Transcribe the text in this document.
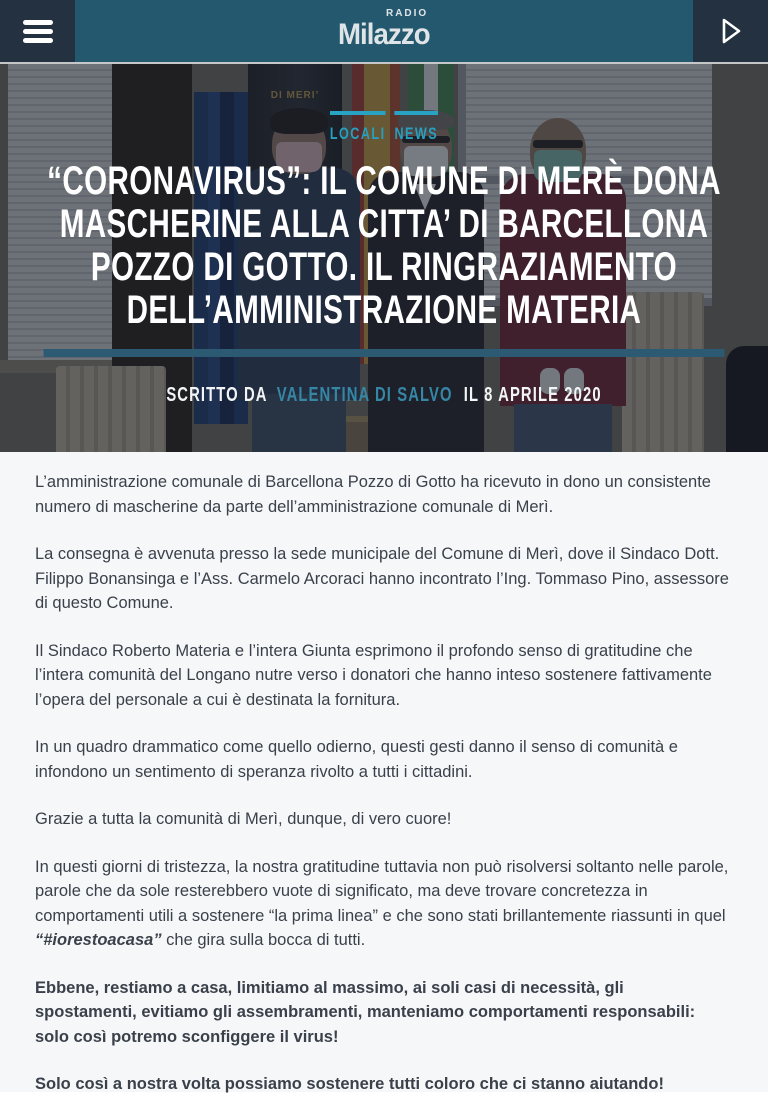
RADIO
Milazzo
LOCALI NEWS
“CORONAVIRUS”: IL COMUNE DI MERÈ DONA MASCHERINE ALLA CITTA’ DI BARCELLONA POZZO DI GOTTO. IL RINGRAZIAMENTO DELL’AMMINISTRAZIONE MATERIA
SCRITTO DA VALENTINA DI SALVO IL 8 APRILE 2020

L’amministrazione comunale di Barcellona Pozzo di Gotto ha ricevuto in dono un consistente numero di mascherine da parte dell’amministrazione comunale di Merì.

La consegna è avvenuta presso la sede municipale del Comune di Merì, dove il Sindaco Dott. Filippo Bonansinga e l’Ass. Carmelo Arcoraci hanno incontrato l’Ing. Tommaso Pino, assessore di questo Comune.

Il Sindaco Roberto Materia e l’intera Giunta esprimono il profondo senso di gratitudine che l’intera comunità del Longano nutre verso i donatori che hanno inteso sostenere fattivamente l’opera del personale a cui è destinata la fornitura.

In un quadro drammatico come quello odierno, questi gesti danno il senso di comunità e infondono un sentimento di speranza rivolto a tutti i cittadini.

Grazie a tutta la comunità di Merì, dunque, di vero cuore!

In questi giorni di tristezza, la nostra gratitudine tuttavia non può risolversi soltanto nelle parole, parole che da sole resterebbero vuote di significato, ma deve trovare concretezza in comportamenti utili a sostenere “la prima linea” e che sono stati brillantemente riassunti in quel “#iorestoacasa” che gira sulla bocca di tutti.

Ebbene, restiamo a casa, limitiamo al massimo, ai soli casi di necessità, gli spostamenti, evitiamo gli assembramenti, manteniamo comportamenti responsabili: solo così potremo sconfiggere il virus!

Solo così a nostra volta possiamo sostenere tutti coloro che ci stanno aiutando!
